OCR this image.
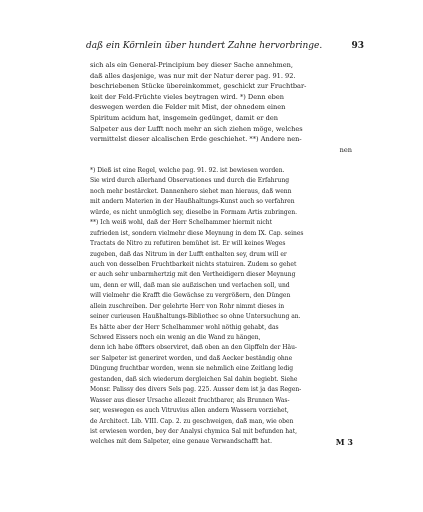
daß ein Körnlein über hundert Zahne hervorbringe.	93
sich als ein General-Principium bey dieser Sache annehmen,
daß alles dasjenige, was nur mit der Natur derer pag. 91. 92.
beschriebenen Stücke übereinkommet, geschickt zur Fruchtbar-
keit der Feld-Früchte vieles beytragen wird. *) Denn eben
deswegen werden die Felder mit Mist, der ohnedem einen
Spiritum acidum hat, insgemein gedünget, damit er den
Salpeter aus der Lufft noch mehr an sich ziehen möge, welches
vermittelst dieser alcalischen Erde geschiehet. **) Andere nen-
nen
*) Dieß ist eine Regel, welche pag. 91. 92. ist bewiesen worden.
Sie wird durch allerhand Observationes und durch die Erfahrung
noch mehr bestärcket. Dannenhero siehet man hieraus, daß wenn
mit andern Materien in der Haußhaltungs-Kunst auch so verfahren
würde, es nicht unmöglich sey, dieselbe in Formam Artis zubringen.
**) Ich weiß wohl, daß der Herr Schelhammer hiermit nicht
zufrieden ist, sondern vielmehr diese Meynung in dem IX. Cap. seines
Tractats de Nitro zu refutiren bemühet ist. Er will keines Weges
zugeben, daß das Nitrum in der Lufft enthalten sey, drum will er
auch von desselben Fruchtbarkeit nichts statuiren. Zudem so gehet
er auch sehr unbarmhertzig mit den Vertheidigern dieser Meynung
um, denn er will, daß man sie außzischen und verlachen soll, und
will vielmehr die Krafft die Gewächse zu vergrößern, den Düngen
allein zuschreiben. Der gelehrte Herr von Rohr nimmt dieses in
seiner curieusen Haußhaltungs-Bibliothec so ohne Untersuchung an.
Es hätte aber der Herr Schelhammer wohl nöthig gehabt, das
Schwed Eissers noch ein wenig an die Wand zu hängen,
denn ich habe öffters observiret, daß oben an den Gipffeln der Häu-
ser Salpeter ist generiret worden, und daß Aecker beständig ohne
Düngung fruchtbar worden, wenn sie nehmlich eine Zeitlang ledig
gestanden, daß sich wiederum dergleichen Sal dahin begiebt. Siehe
Monsr. Palissy des divers Sels pag. 225. Ausser dem ist ja das Regen-
Wasser aus dieser Ursache allezeit fruchtbarer, als Brunnen Was-
ser, weswegen es auch Vitruvius allen andern Wassern vorziehet,
de Architect. Lib. VIII. Cap. 2. zu geschweigen, daß man, wie oben
ist erwiesen worden, bey der Analysi chymica Sal mit befunden hat,
welches mit dem Salpeter, eine genaue Verwandschafft hat.	M 3
